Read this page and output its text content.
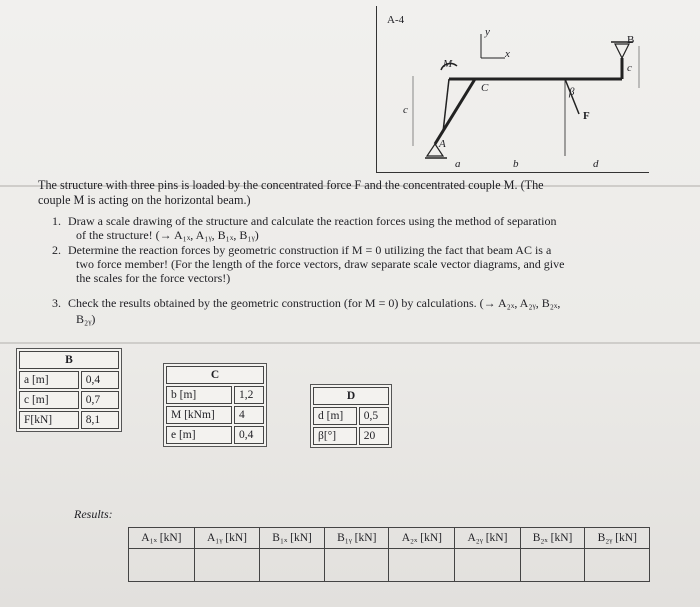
A-4
y
x
M
C
B
β
F
A
c
c
a	b	d
The structure with three pins is loaded by the concentrated force F and the concentrated couple M. (The
couple M is acting on the horizontal beam.)
1. Draw a scale drawing of the structure and calculate the reaction forces using the method of separation
of the structure! (→ A₁ₓ, A₁ᵧ, B₁ₓ, B₁ᵧ)
2. Determine the reaction forces by geometric construction if M = 0 utilizing the fact that beam AC is a
two force member! (For the length of the force vectors, draw separate scale vector diagrams, and give
the scales for the force vectors!)
3. Check the results obtained by the geometric construction (for M = 0) by calculations. (→ A₂ₓ, A₂ᵧ, B₂ₓ,
B₂ᵧ)
B	
a [m]	0,4
c [m]	0,7
F[kN]	8,1
C	
b [m]	1,2
M [kNm]	4
e [m]	0,4
D	
d [m]	0,5
β[°]	20
Results:
A₁ₓ [kN]	A₁ᵧ [kN]	B₁ₓ [kN]	B₁ᵧ [kN]	A₂ₓ [kN]	A₂ᵧ [kN]	B₂ₓ [kN]	B₂ᵧ [kN]
